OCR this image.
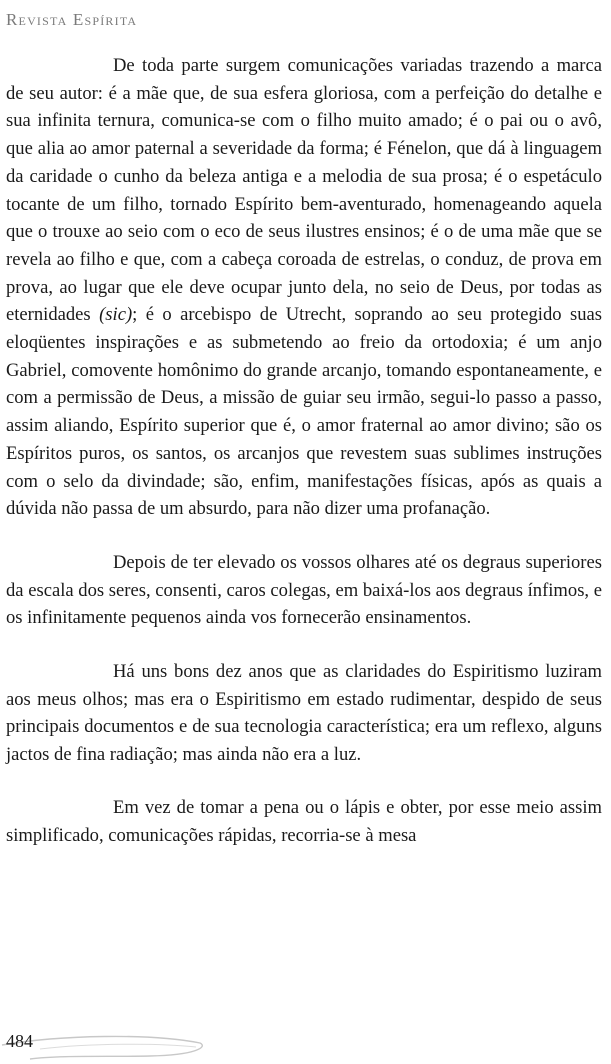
Revista Espírita

De toda parte surgem comunicações variadas trazendo a marca de seu autor: é a mãe que, de sua esfera gloriosa, com a perfeição do detalhe e sua infinita ternura, comunica-se com o filho muito amado; é o pai ou o avô, que alia ao amor paternal a severidade da forma; é Fénelon, que dá à linguagem da caridade o cunho da beleza antiga e a melodia de sua prosa; é o espetáculo tocante de um filho, tornado Espírito bem-aventurado, homenageando aquela que o trouxe ao seio com o eco de seus ilustres ensinos; é o de uma mãe que se revela ao filho e que, com a cabeça coroada de estrelas, o conduz, de prova em prova, ao lugar que ele deve ocupar junto dela, no seio de Deus, por todas as eternidades (sic); é o arcebispo de Utrecht, soprando ao seu protegido suas eloqüentes inspirações e as submetendo ao freio da ortodoxia; é um anjo Gabriel, comovente homônimo do grande arcanjo, tomando espontaneamente, e com a permissão de Deus, a missão de guiar seu irmão, segui-lo passo a passo, assim aliando, Espírito superior que é, o amor fraternal ao amor divino; são os Espíritos puros, os santos, os arcanjos que revestem suas sublimes instruções com o selo da divindade; são, enfim, manifestações físicas, após as quais a dúvida não passa de um absurdo, para não dizer uma profanação.

Depois de ter elevado os vossos olhares até os degraus superiores da escala dos seres, consenti, caros colegas, em baixá-los aos degraus ínfimos, e os infinitamente pequenos ainda vos fornecerão ensinamentos.

Há uns bons dez anos que as claridades do Espiritismo luziram aos meus olhos; mas era o Espiritismo em estado rudimentar, despido de seus principais documentos e de sua tecnologia característica; era um reflexo, alguns jactos de fina radiação; mas ainda não era a luz.

Em vez de tomar a pena ou o lápis e obter, por esse meio assim simplificado, comunicações rápidas, recorria-se à mesa

484
